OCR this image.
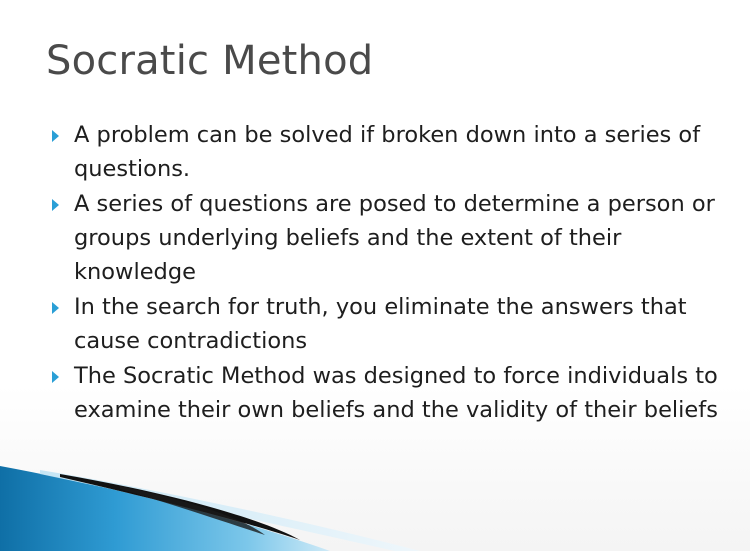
Socratic Method
A problem can be solved if broken down into a series of questions.
A series of questions are posed to determine a person or groups underlying beliefs and the extent of their knowledge
In the search for truth, you eliminate the answers that cause contradictions
The Socratic Method was designed to force individuals to examine their own beliefs and the validity of their beliefs
